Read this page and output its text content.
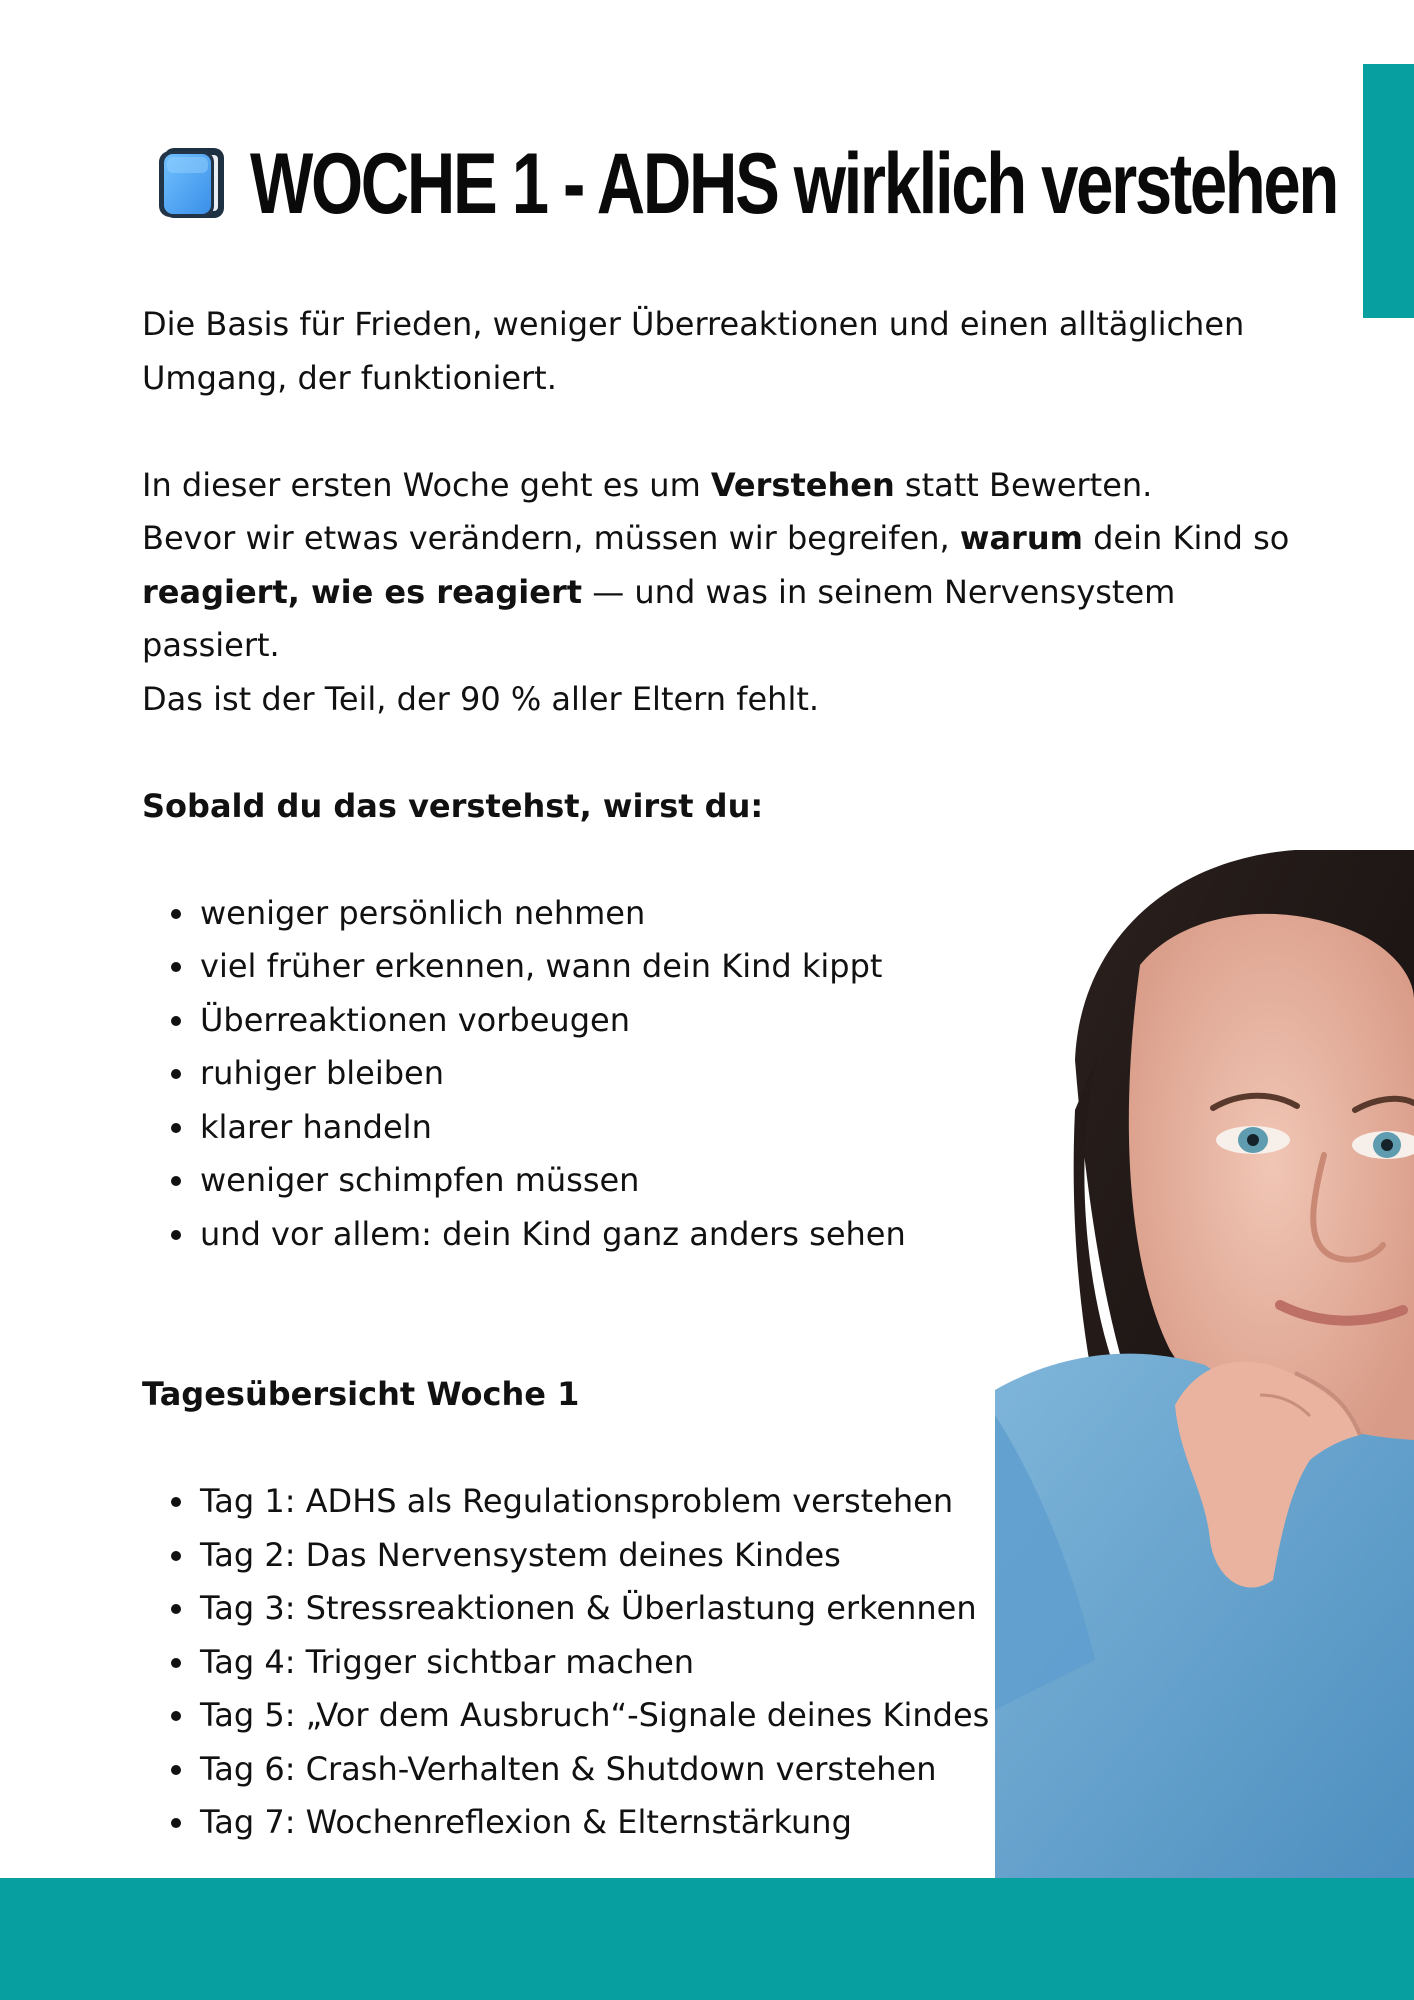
WOCHE 1 - ADHS wirklich verstehen

Die Basis für Frieden, weniger Überreaktionen und einen alltäglichen

Umgang, der funktioniert.

In dieser ersten Woche geht es um Verstehen statt Bewerten.

Bevor wir etwas verändern, müssen wir begreifen, warum dein Kind so

reagiert, wie es reagiert — und was in seinem Nervensystem passiert.

Das ist der Teil, der 90 % aller Eltern fehlt.

Sobald du das verstehst, wirst du:

• weniger persönlich nehmen
• viel früher erkennen, wann dein Kind kippt
• Überreaktionen vorbeugen
• ruhiger bleiben
• klarer handeln
• weniger schimpfen müssen
• und vor allem: dein Kind ganz anders sehen

Tagesübersicht Woche 1

• Tag 1: ADHS als Regulationsproblem verstehen
• Tag 2: Das Nervensystem deines Kindes
• Tag 3: Stressreaktionen & Überlastung erkennen
• Tag 4: Trigger sichtbar machen
• Tag 5: „Vor dem Ausbruch“-Signale deines Kindes
• Tag 6: Crash-Verhalten & Shutdown verstehen
• Tag 7: Wochenreflexion & Elternstärkung
